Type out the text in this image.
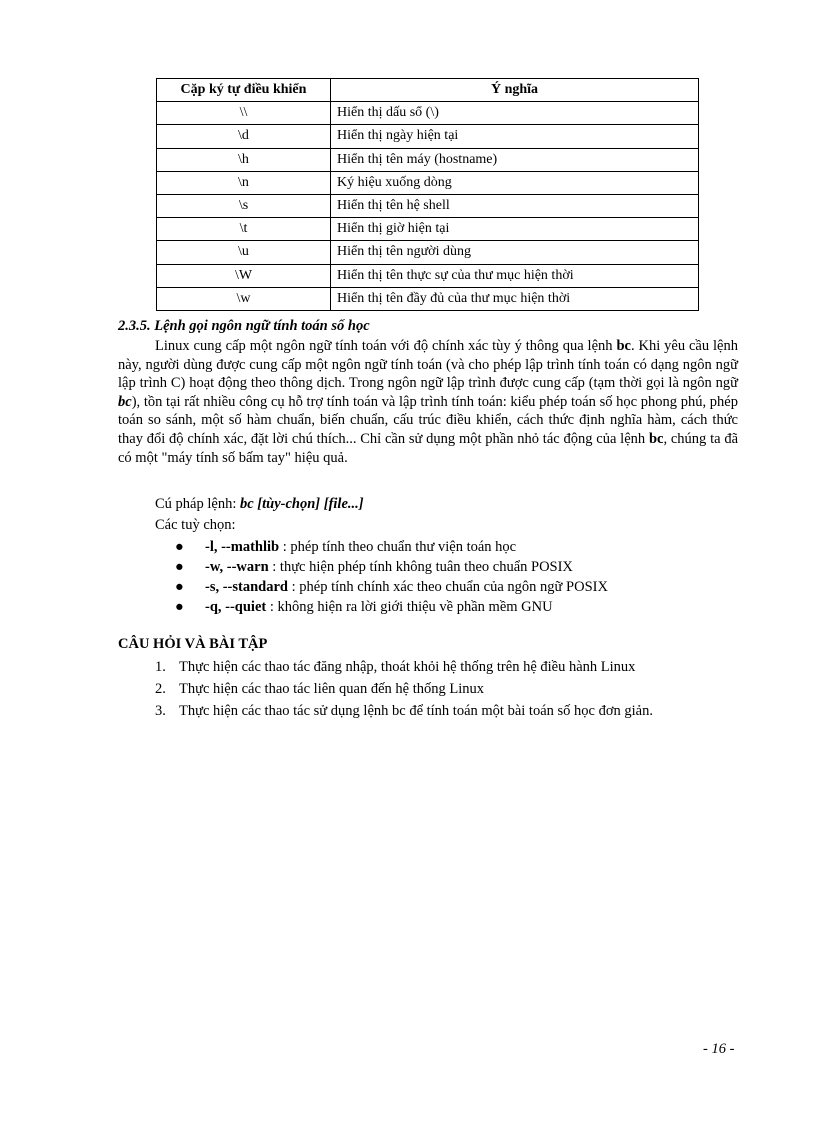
Cặp ký tự điều khiển	Ý nghĩa
\\	Hiển thị dấu sổ (\)
\d	Hiển thị ngày hiện tại
\h	Hiển thị tên máy (hostname)
\n	Ký hiệu xuống dòng
\s	Hiển thị tên hệ shell
\t	Hiển thị giờ hiện tại
\u	Hiển thị tên người dùng
\W	Hiển thị tên thực sự của thư mục hiện thời
\w	Hiển thị tên đầy đủ của thư mục hiện thời
2.3.5. Lệnh gọi ngôn ngữ tính toán số học

Linux cung cấp một ngôn ngữ tính toán với độ chính xác tùy ý thông qua lệnh bc. Khi yêu cầu lệnh này, người dùng được cung cấp một ngôn ngữ tính toán (và cho phép lập trình tính toán có dạng ngôn ngữ lập trình C) hoạt động theo thông dịch. Trong ngôn ngữ lập trình được cung cấp (tạm thời gọi là ngôn ngữ bc), tồn tại rất nhiều công cụ hỗ trợ tính toán và lập trình tính toán: kiểu phép toán số học phong phú, phép toán so sánh, một số hàm chuẩn, biến chuẩn, cấu trúc điều khiển, cách thức định nghĩa hàm, cách thức thay đổi độ chính xác, đặt lời chú thích... Chỉ cần sử dụng một phần nhỏ tác động của lệnh bc, chúng ta đã có một "máy tính số bấm tay" hiệu quả.

Cú pháp lệnh: bc [tùy-chọn] [file...]
Các tuỳ chọn:
● -l, --mathlib : phép tính theo chuẩn thư viện toán học
● -w, --warn : thực hiện phép tính không tuân theo chuẩn POSIX
● -s, --standard : phép tính chính xác theo chuẩn của ngôn ngữ POSIX
● -q, --quiet : không hiện ra lời giới thiệu về phần mềm GNU
CÂU HỎI VÀ BÀI TẬP
1. Thực hiện các thao tác đăng nhập, thoát khỏi hệ thống trên hệ điều hành Linux
2. Thực hiện các thao tác liên quan đến hệ thống Linux
3. Thực hiện các thao tác sử dụng lệnh bc để tính toán một bài toán số học đơn giản.
- 16 -
